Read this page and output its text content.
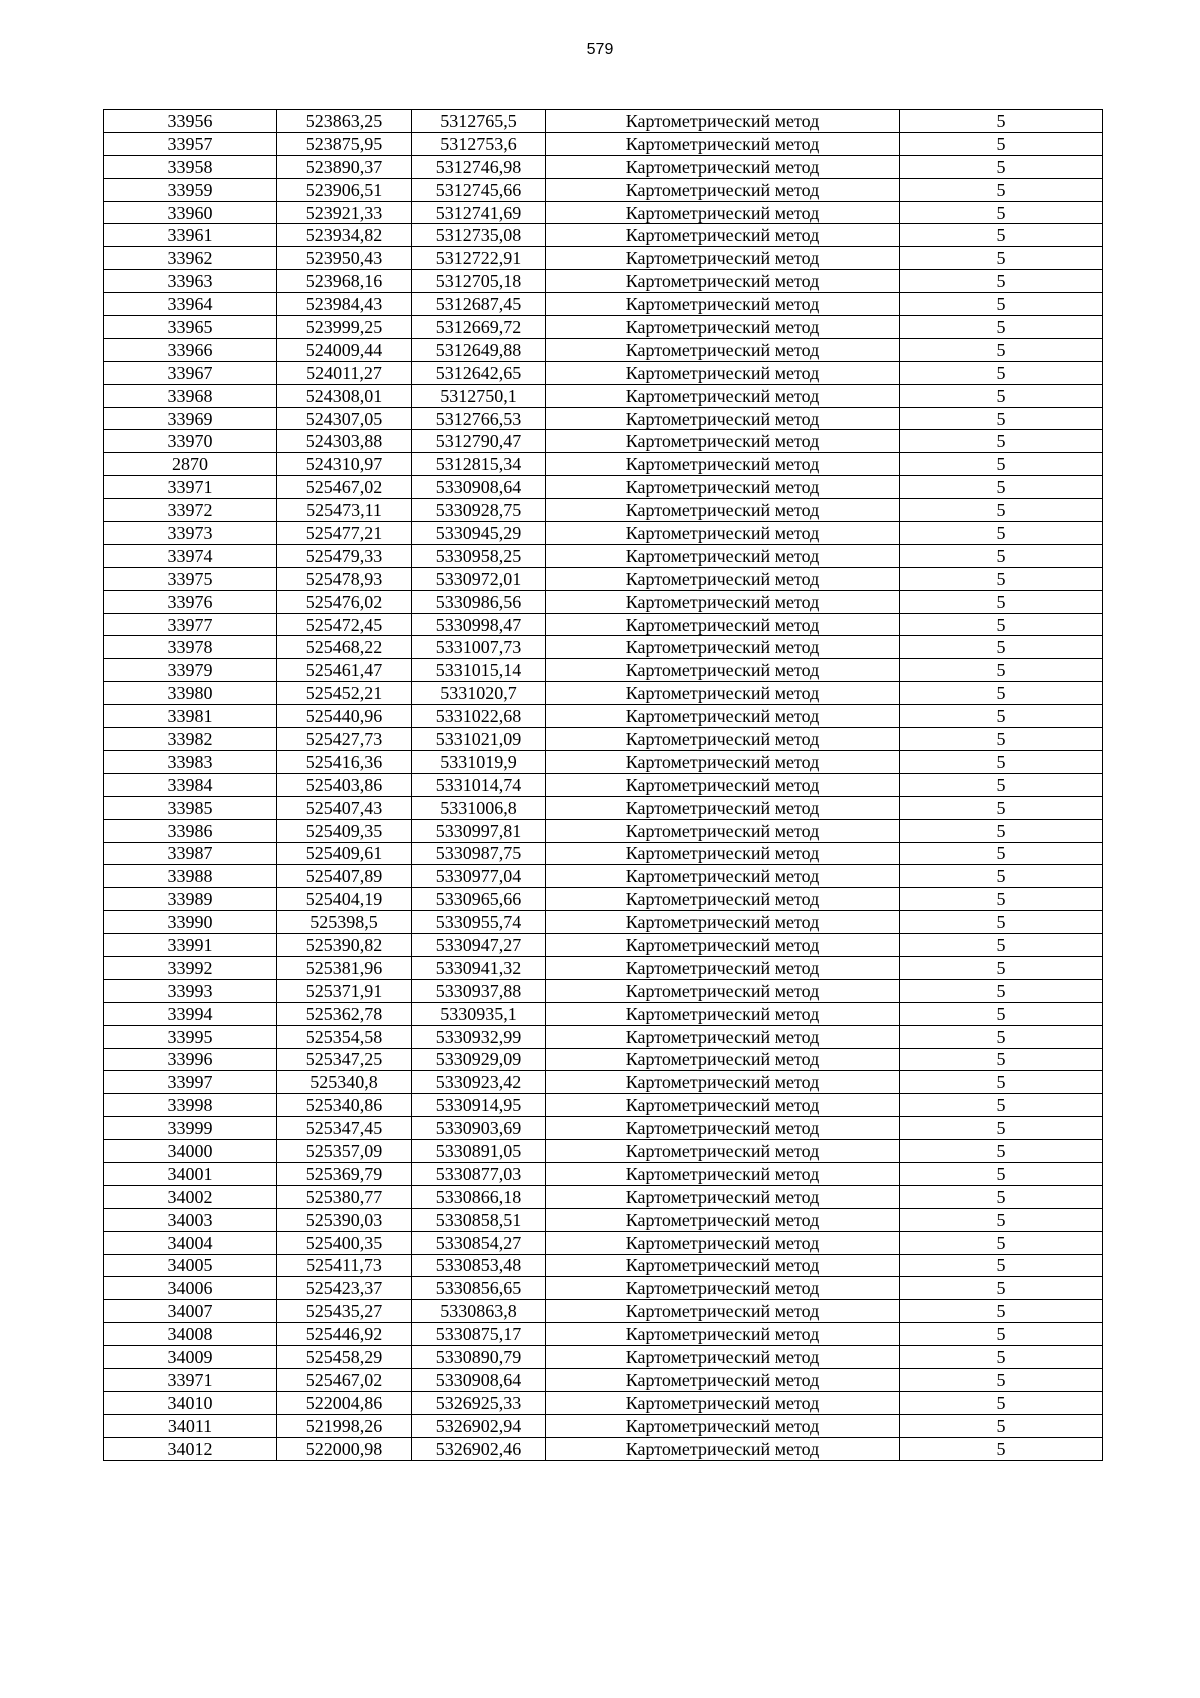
579
33956	523863,25	5312765,5	Картометрический метод	5
33957	523875,95	5312753,6	Картометрический метод	5
33958	523890,37	5312746,98	Картометрический метод	5
33959	523906,51	5312745,66	Картометрический метод	5
33960	523921,33	5312741,69	Картометрический метод	5
33961	523934,82	5312735,08	Картометрический метод	5
33962	523950,43	5312722,91	Картометрический метод	5
33963	523968,16	5312705,18	Картометрический метод	5
33964	523984,43	5312687,45	Картометрический метод	5
33965	523999,25	5312669,72	Картометрический метод	5
33966	524009,44	5312649,88	Картометрический метод	5
33967	524011,27	5312642,65	Картометрический метод	5
33968	524308,01	5312750,1	Картометрический метод	5
33969	524307,05	5312766,53	Картометрический метод	5
33970	524303,88	5312790,47	Картометрический метод	5
2870	524310,97	5312815,34	Картометрический метод	5
33971	525467,02	5330908,64	Картометрический метод	5
33972	525473,11	5330928,75	Картометрический метод	5
33973	525477,21	5330945,29	Картометрический метод	5
33974	525479,33	5330958,25	Картометрический метод	5
33975	525478,93	5330972,01	Картометрический метод	5
33976	525476,02	5330986,56	Картометрический метод	5
33977	525472,45	5330998,47	Картометрический метод	5
33978	525468,22	5331007,73	Картометрический метод	5
33979	525461,47	5331015,14	Картометрический метод	5
33980	525452,21	5331020,7	Картометрический метод	5
33981	525440,96	5331022,68	Картометрический метод	5
33982	525427,73	5331021,09	Картометрический метод	5
33983	525416,36	5331019,9	Картометрический метод	5
33984	525403,86	5331014,74	Картометрический метод	5
33985	525407,43	5331006,8	Картометрический метод	5
33986	525409,35	5330997,81	Картометрический метод	5
33987	525409,61	5330987,75	Картометрический метод	5
33988	525407,89	5330977,04	Картометрический метод	5
33989	525404,19	5330965,66	Картометрический метод	5
33990	525398,5	5330955,74	Картометрический метод	5
33991	525390,82	5330947,27	Картометрический метод	5
33992	525381,96	5330941,32	Картометрический метод	5
33993	525371,91	5330937,88	Картометрический метод	5
33994	525362,78	5330935,1	Картометрический метод	5
33995	525354,58	5330932,99	Картометрический метод	5
33996	525347,25	5330929,09	Картометрический метод	5
33997	525340,8	5330923,42	Картометрический метод	5
33998	525340,86	5330914,95	Картометрический метод	5
33999	525347,45	5330903,69	Картометрический метод	5
34000	525357,09	5330891,05	Картометрический метод	5
34001	525369,79	5330877,03	Картометрический метод	5
34002	525380,77	5330866,18	Картометрический метод	5
34003	525390,03	5330858,51	Картометрический метод	5
34004	525400,35	5330854,27	Картометрический метод	5
34005	525411,73	5330853,48	Картометрический метод	5
34006	525423,37	5330856,65	Картометрический метод	5
34007	525435,27	5330863,8	Картометрический метод	5
34008	525446,92	5330875,17	Картометрический метод	5
34009	525458,29	5330890,79	Картометрический метод	5
33971	525467,02	5330908,64	Картометрический метод	5
34010	522004,86	5326925,33	Картометрический метод	5
34011	521998,26	5326902,94	Картометрический метод	5
34012	522000,98	5326902,46	Картометрический метод	5
